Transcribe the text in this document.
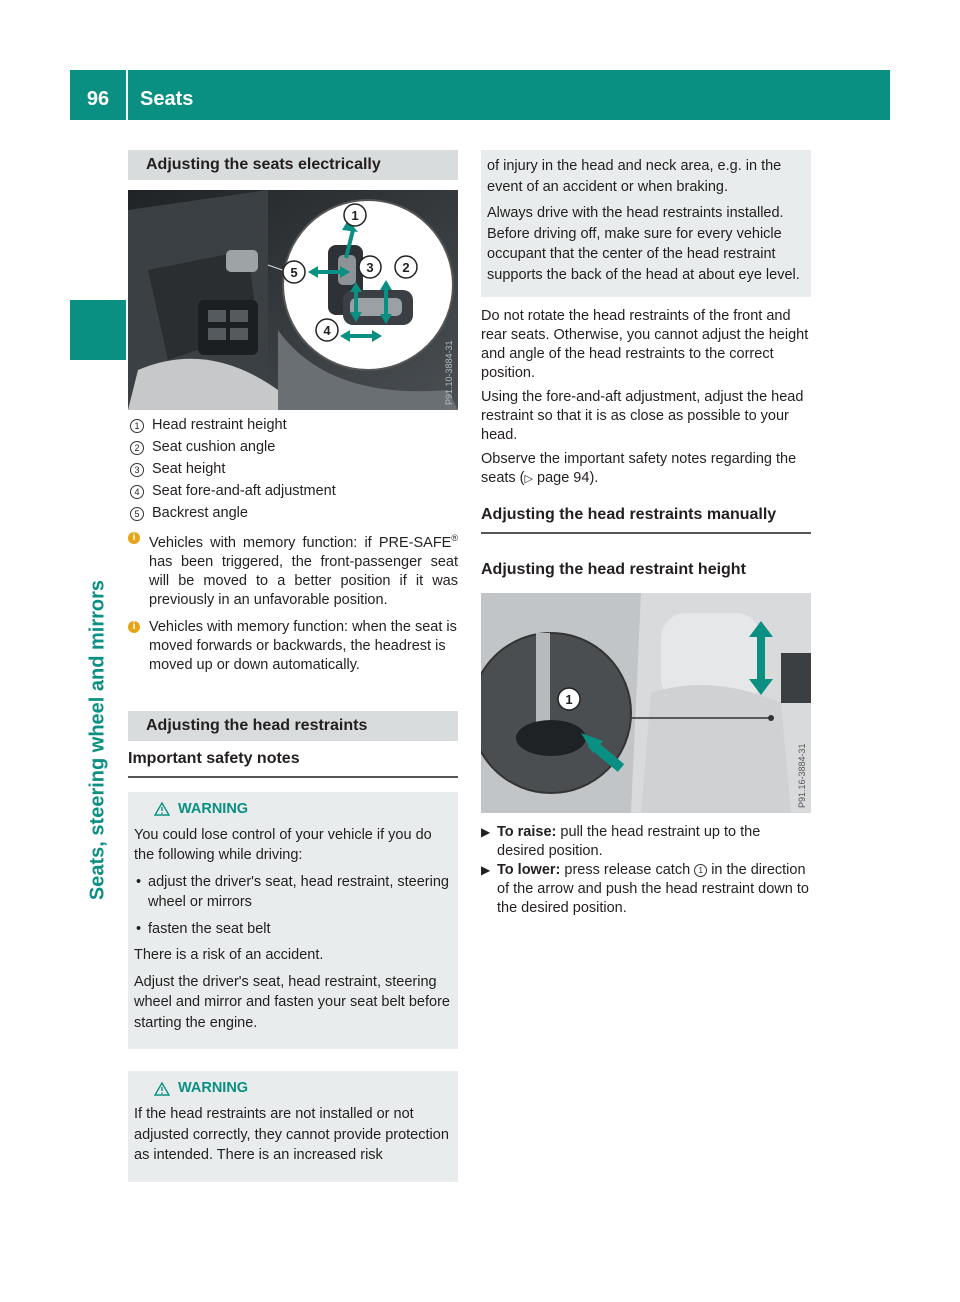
96	Seats
Seats, steering wheel and mirrors
Adjusting the seats electrically
1
2
3
4
5
P91.10-3884-31
1 Head restraint height
2 Seat cushion angle
3 Seat height
4 Seat fore-and-aft adjustment
5 Backrest angle
i Vehicles with memory function: if PRE-SAFE® has been triggered, the front-passenger seat will be moved to a better position if it was previously in an unfavorable position.
i Vehicles with memory function: when the seat is moved forwards or backwards, the headrest is moved up or down automatically.
Adjusting the head restraints
Important safety notes
WARNING

You could lose control of your vehicle if you do the following while driving:

• adjust the driver's seat, head restraint, steering wheel or mirrors
• fasten the seat belt

There is a risk of an accident.

Adjust the driver's seat, head restraint, steering wheel and mirror and fasten your seat belt before starting the engine.

WARNING

If the head restraints are not installed or not adjusted correctly, they cannot provide protection as intended. There is an increased risk

of injury in the head and neck area, e.g. in the event of an accident or when braking.

Always drive with the head restraints installed. Before driving off, make sure for every vehicle occupant that the center of the head restraint supports the back of the head at about eye level.

Do not rotate the head restraints of the front and rear seats. Otherwise, you cannot adjust the height and angle of the head restraints to the correct position.

Using the fore-and-aft adjustment, adjust the head restraint so that it is as close as possible to your head.

Observe the important safety notes regarding the seats (▷ page 94).

Adjusting the head restraints manually
Adjusting the head restraint height
1
P91.16-3884-31
▶ To raise: pull the head restraint up to the desired position.
▶ To lower: press release catch 1 in the direction of the arrow and push the head restraint down to the desired position.
